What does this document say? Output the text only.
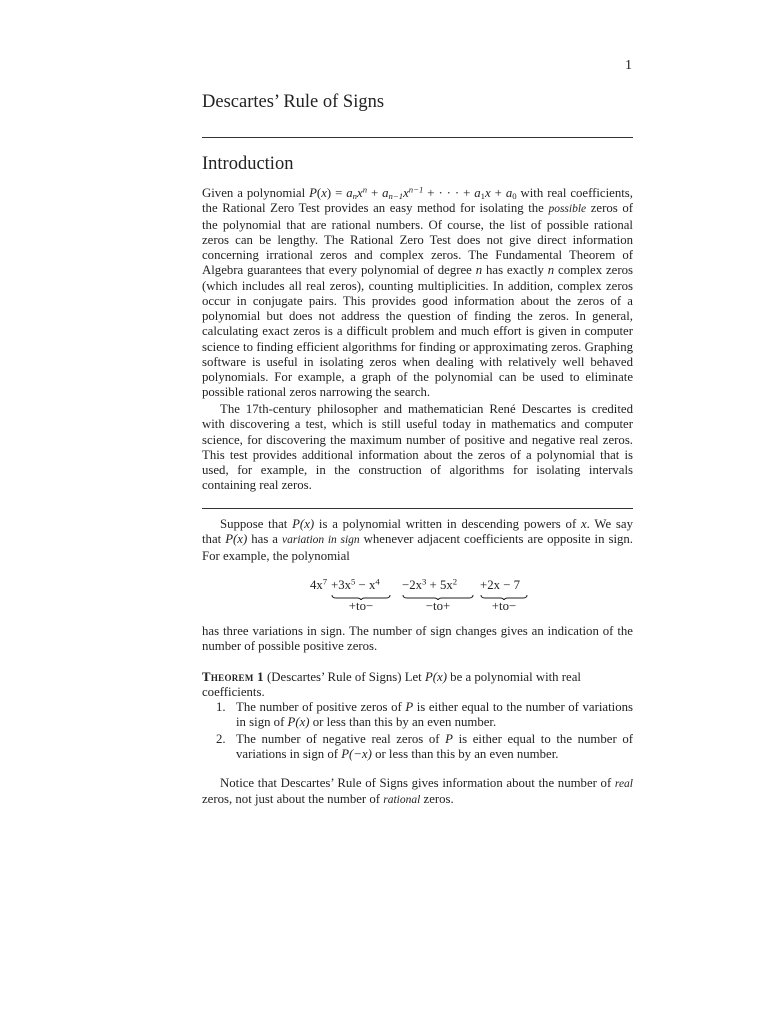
1
Descartes’ Rule of Signs
Introduction

Given a polynomial $P(x) = a_nx^n + a_{n-1}x^{n-1}$ + · · · + $a_1x + a_0$ with real coefficients, the Rational Zero Test provides an easy method for isolating the possible zeros of the polynomial that are rational numbers. Of course, the list of possible rational zeros can be lengthy. The Rational Zero Test does not give direct information concerning irrational zeros and complex zeros. The Fundamental Theorem of Algebra guarantees that every polynomial of degree n has exactly n complex zeros (which includes all real zeros), counting multiplicities. In addition, complex zeros occur in conjugate pairs. This provides good information about the zeros of a polynomial but does not address the question of finding the zeros. In general, calculating exact zeros is a difficult problem and much effort is given in computer science to finding efficient algorithms for finding or approximating zeros. Graphing software is useful in isolating zeros when dealing with relatively well behaved polynomials. For example, a graph of the polynomial can be used to eliminate possible rational zeros narrowing the search.

The 17th-century philosopher and mathematician René Descartes is credited with discovering a test, which is still useful today in mathematics and computer science, for discovering the maximum number of positive and negative real zeros. This test provides additional information about the zeros of a polynomial that is used, for example, in the construction of algorithms for isolating intervals containing real zeros.

Suppose that P(x) is a polynomial written in descending powers of x. We say that P(x) has a variation in sign whenever adjacent coefficients are opposite in sign. For example, the polynomial

$4x^7 +3x^5 - x^4$
+to−
$-2x^3 + 5x^2$
−to+
+2x − 7
+to−

has three variations in sign. The number of sign changes gives an indication of the number of possible positive zeros.

Theorem 1 (Descartes’ Rule of Signs) Let P(x) be a polynomial with real coefficients.

1. The number of positive zeros of P is either equal to the number of variations in sign of P(x) or less than this by an even number.
2. The number of negative real zeros of P is either equal to the number of variations in sign of P(−x) or less than this by an even number.

Notice that Descartes’ Rule of Signs gives information about the number of real zeros, not just about the number of rational zeros.
